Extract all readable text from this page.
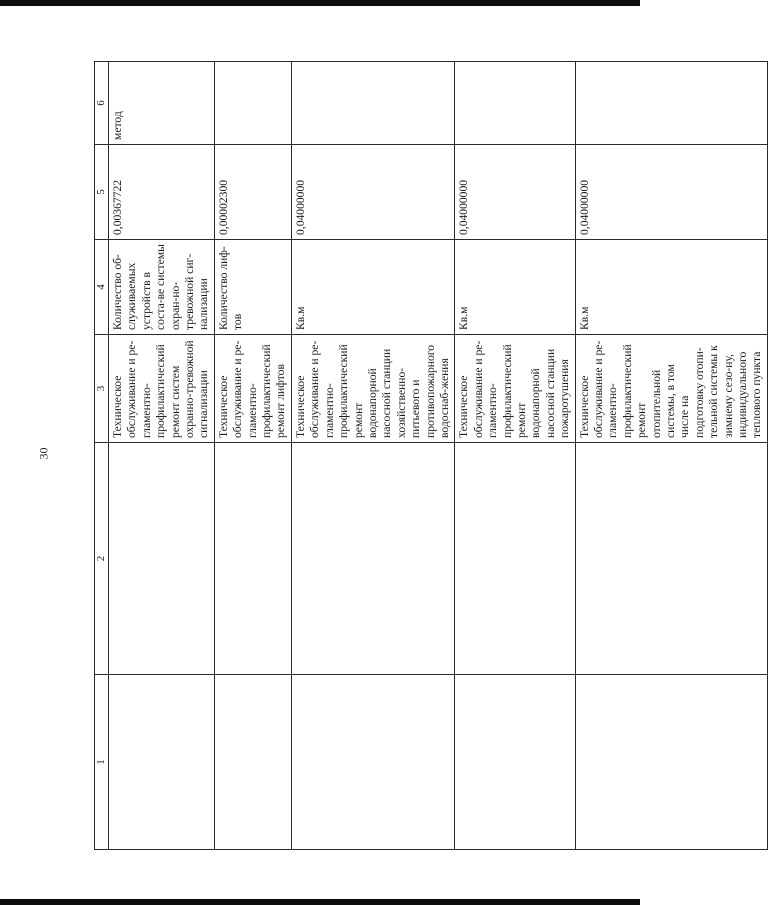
30
1	2	3	4	5	6
		Техническое обслуживание и ре-гламентно-профилактический ремонт систем охранно-тревожной сигнализации	Количество об-служиваемых устройств в соста-ве системы охран-но-тревожной сиг-нализации	0,00367722	метод
		Техническое обслуживание и ре-гламентно-профилактический ремонт лифтов	Количество лиф-тов	0,00002300	
		Техническое обслуживание и ре-гламентно-профилактический ремонт водонапорной насосной станции хозяйственно-питьевого и противопожарного водоснаб-жения	Кв.м	0,04000000	
		Техническое обслуживание и ре-гламентно-профилактический ремонт водонапорной насосной станции пожаротушения	Кв.м	0,04000000	
		Техническое обслуживание и ре-гламентно-профилактический ремонт отопительной системы, в том числе на подготовку отопи-тельной системы к зимнему сезо-ну, индивидуального теплового пункта	Кв.м	0,04000000	
